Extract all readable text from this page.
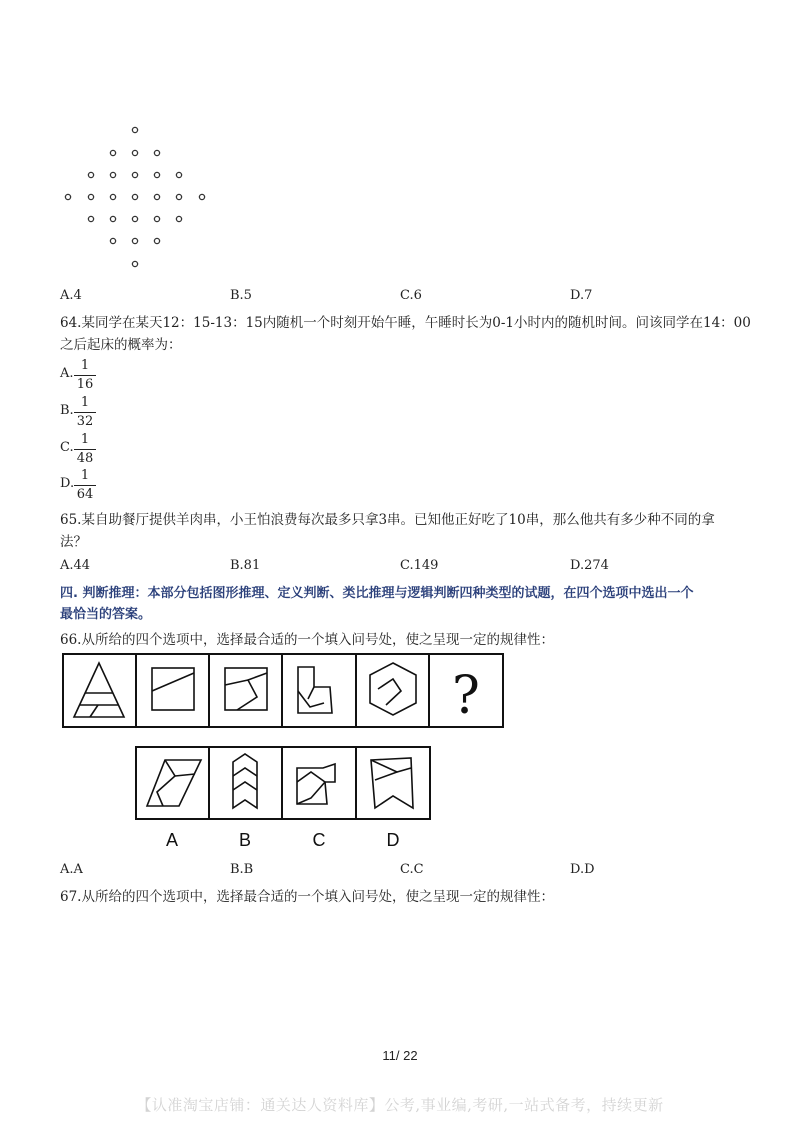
A.4	B.5	C.6	D.7
64.某同学在某天12：15-13：15内随机一个时刻开始午睡，午睡时长为0-1小时内的随机时间。问该同学在14：00
之后起床的概率为：
A.
1
16
B.
1
32
C.
1
48
D.
1
64
65.某自助餐厅提供羊肉串，小王怕浪费每次最多只拿3串。已知他正好吃了10串，那么他共有多少种不同的拿
法？
A.44	B.81	C.149	D.274
四. 判断推理：本部分包括图形推理、定义判断、类比推理与逻辑判断四种类型的试题，在四个选项中选出一个
最恰当的答案。
66.从所给的四个选项中，选择最合适的一个填入问号处，使之呈现一定的规律性：
?
A	B	C	D
A.A	B.B	C.C	D.D
67.从所给的四个选项中，选择最合适的一个填入问号处，使之呈现一定的规律性：
11/ 22
【认准淘宝店铺：通关达人资料库】公考,事业编,考研,一站式备考，持续更新
